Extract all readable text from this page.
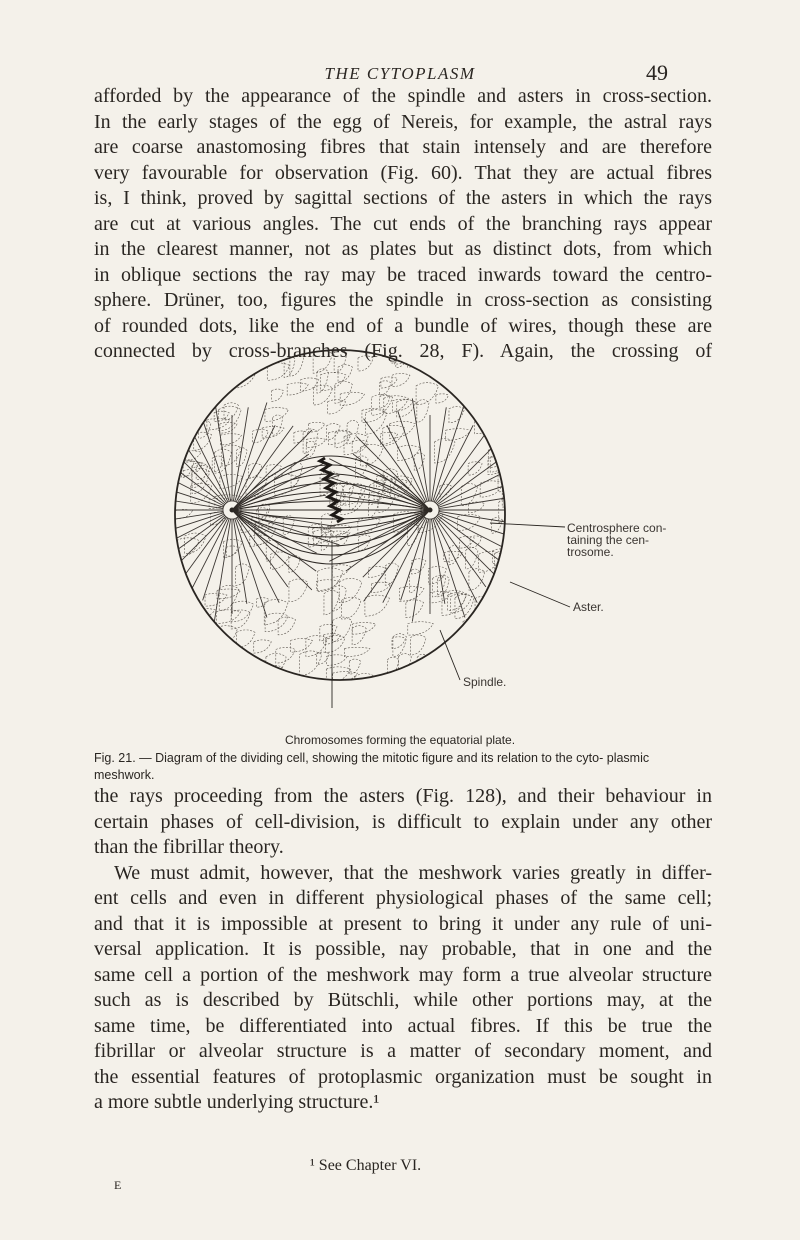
THE CYTOPLASM	49
afforded by the appearance of the spindle and asters in cross-section.
In the early stages of the egg of Nereis, for example, the astral rays
are coarse anastomosing fibres that stain intensely and are therefore
very favourable for observation (Fig. 60). That they are actual fibres
is, I think, proved by sagittal sections of the asters in which the rays
are cut at various angles. The cut ends of the branching rays appear
in the clearest manner, not as plates but as distinct dots, from which
in oblique sections the ray may be traced inwards toward the centro-
sphere. Drüner, too, figures the spindle in cross-section as consisting
of rounded dots, like the end of a bundle of wires, though these are
connected by cross-branches (Fig. 28, F). Again, the crossing of
Centrosphere con- taining the cen- trosome.
Aster.
Spindle.
Chromosomes forming the equatorial plate.
Fig. 21. — Diagram of the dividing cell, showing the mitotic figure and its relation to the cyto- plasmic meshwork.
the rays proceeding from the asters (Fig. 128), and their behaviour in
certain phases of cell-division, is difficult to explain under any other
than the fibrillar theory.
We must admit, however, that the meshwork varies greatly in differ-
ent cells and even in different physiological phases of the same cell;
and that it is impossible at present to bring it under any rule of uni-
versal application. It is possible, nay probable, that in one and the
same cell a portion of the meshwork may form a true alveolar structure
such as is described by Bütschli, while other portions may, at the
same time, be differentiated into actual fibres. If this be true the
fibrillar or alveolar structure is a matter of secondary moment, and
the essential features of protoplasmic organization must be sought in
a more subtle underlying structure.¹
¹ See Chapter VI.
E
